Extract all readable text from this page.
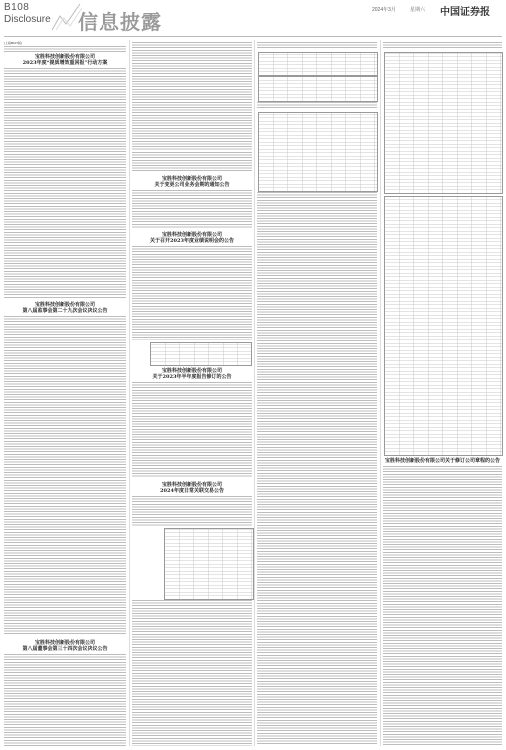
B108
Disclosure 信息披露	2024年3月	星期六 中国证券报
(上接B107版)
宝胜科技创新股份有限公司
2023年度“提质增效重回报”行动方案
宝胜科技创新股份有限公司
第八届监事会第二十九次会议决议公告
宝胜科技创新股份有限公司
第八届董事会第三十四次会议决议公告
宝胜科技创新股份有限公司
关于变更公司业务会期的通知公告
宝胜科技创新股份有限公司
关于召开2023年度业绩说明会的公告
宝胜科技创新股份有限公司
关于2023年半年度报告修订的公告
宝胜科技创新股份有限公司
2024年度日常关联交易公告
宝胜科技创新股份有限公司关于修订公司章程的公告
